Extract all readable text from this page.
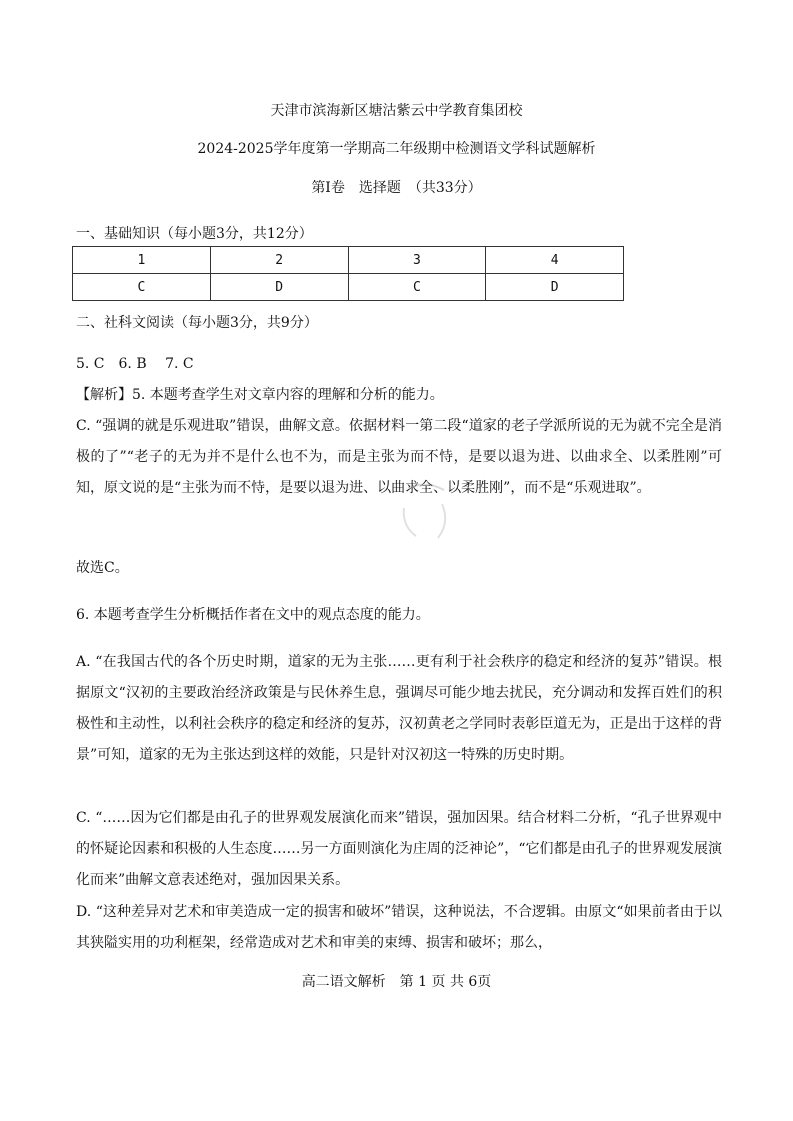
天津市滨海新区塘沽紫云中学教育集团校
2024-2025学年度第一学期高二年级期中检测语文学科试题解析
第Ⅰ卷　选择题　（共33分）
一、基础知识（每小题3分，共12分）
1	2	3	4
C	D	C	D
二、社科文阅读（每小题3分，共9分）
5. C　6. B　 7. C
【解析】5. 本题考查学生对文章内容的理解和分析的能力。
C. “强调的就是乐观进取”错误，曲解文意。依据材料一第二段“道家的老子学派所说的无为就不完全是消极的了”“老子的无为并不是什么也不为，而是主张为而不恃，是要以退为进、以曲求全、以柔胜刚”可知，原文说的是“主张为而不恃，是要以退为进、以曲求全、以柔胜刚”，而不是“乐观进取”。
故选C。
6. 本题考查学生分析概括作者在文中的观点态度的能力。
A. “在我国古代的各个历史时期，道家的无为主张……更有利于社会秩序的稳定和经济的复苏”错误。根据原文“汉初的主要政治经济政策是与民休养生息，强调尽可能少地去扰民，充分调动和发挥百姓们的积极性和主动性，以利社会秩序的稳定和经济的复苏，汉初黄老之学同时表彰臣道无为，正是出于这样的背景”可知，道家的无为主张达到这样的效能，只是针对汉初这一特殊的历史时期。
C. “……因为它们都是由孔子的世界观发展演化而来”错误，强加因果。结合材料二分析，“孔子世界观中的怀疑论因素和积极的人生态度……另一方面则演化为庄周的泛神论”，“它们都是由孔子的世界观发展演化而来”曲解文意表述绝对，强加因果关系。
D. “这种差异对艺术和审美造成一定的损害和破坏”错误，这种说法，不合逻辑。由原文“如果前者由于以其狭隘实用的功利框架，经常造成对艺术和审美的束缚、损害和破坏；那么，
高二语文解析　第 1 页 共 6页
